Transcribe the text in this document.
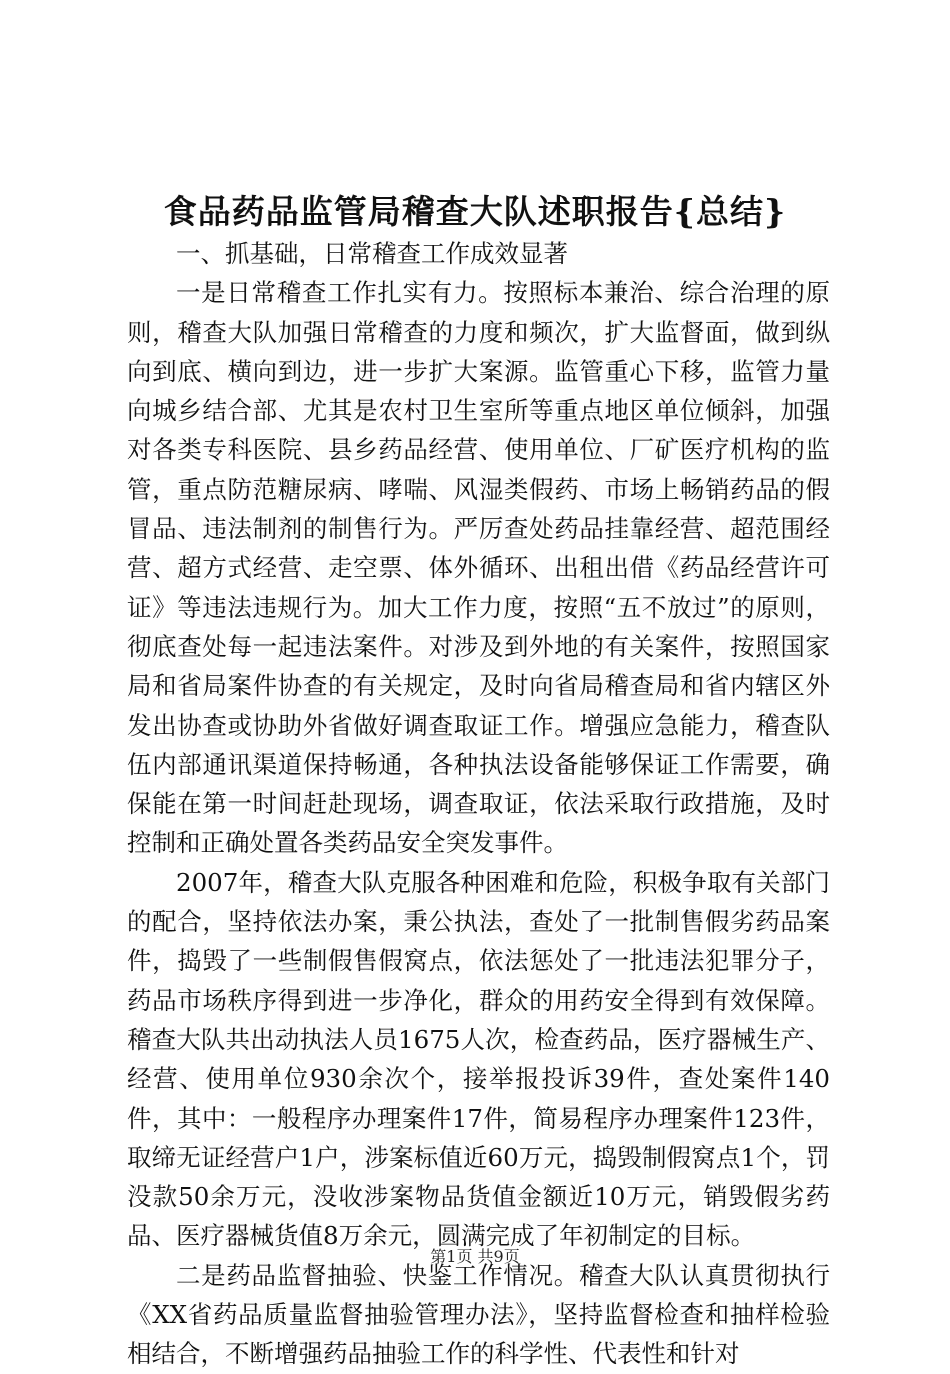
食品药品监管局稽查大队述职报告{总结}

一、抓基础，日常稽查工作成效显著

一是日常稽查工作扎实有力。按照标本兼治、综合治理的原则，稽查大队加强日常稽查的力度和频次，扩大监督面，做到纵向到底、横向到边，进一步扩大案源。监管重心下移，监管力量向城乡结合部、尤其是农村卫生室所等重点地区单位倾斜，加强对各类专科医院、县乡药品经营、使用单位、厂矿医疗机构的监管，重点防范糖尿病、哮喘、风湿类假药、市场上畅销药品的假冒品、违法制剂的制售行为。严厉查处药品挂靠经营、超范围经营、超方式经营、走空票、体外循环、出租出借《药品经营许可证》等违法违规行为。加大工作力度，按照“五不放过”的原则，彻底查处每一起违法案件。对涉及到外地的有关案件，按照国家局和省局案件协查的有关规定，及时向省局稽查局和省内辖区外发出协查或协助外省做好调查取证工作。增强应急能力，稽查队伍内部通讯渠道保持畅通，各种执法设备能够保证工作需要，确保能在第一时间赶赴现场，调查取证，依法采取行政措施，及时控制和正确处置各类药品安全突发事件。

2007年，稽查大队克服各种困难和危险，积极争取有关部门的配合，坚持依法办案，秉公执法，查处了一批制售假劣药品案件，捣毁了一些制假售假窝点，依法惩处了一批违法犯罪分子，药品市场秩序得到进一步净化，群众的用药安全得到有效保障。稽查大队共出动执法人员1675人次，检查药品，医疗器械生产、经营、使用单位930余次个，接举报投诉39件，查处案件140件，其中：一般程序办理案件17件，简易程序办理案件123件，取缔无证经营户1户，涉案标值近60万元，捣毁制假窝点1个，罚没款50余万元，没收涉案物品货值金额近10万元，销毁假劣药品、医疗器械货值8万余元，圆满完成了年初制定的目标。

二是药品监督抽验、快鉴工作情况。稽查大队认真贯彻执行《XX省药品质量监督抽验管理办法》，坚持监督检查和抽样检验相结合，不断增强药品抽验工作的科学性、代表性和针对

第1页 共9页
